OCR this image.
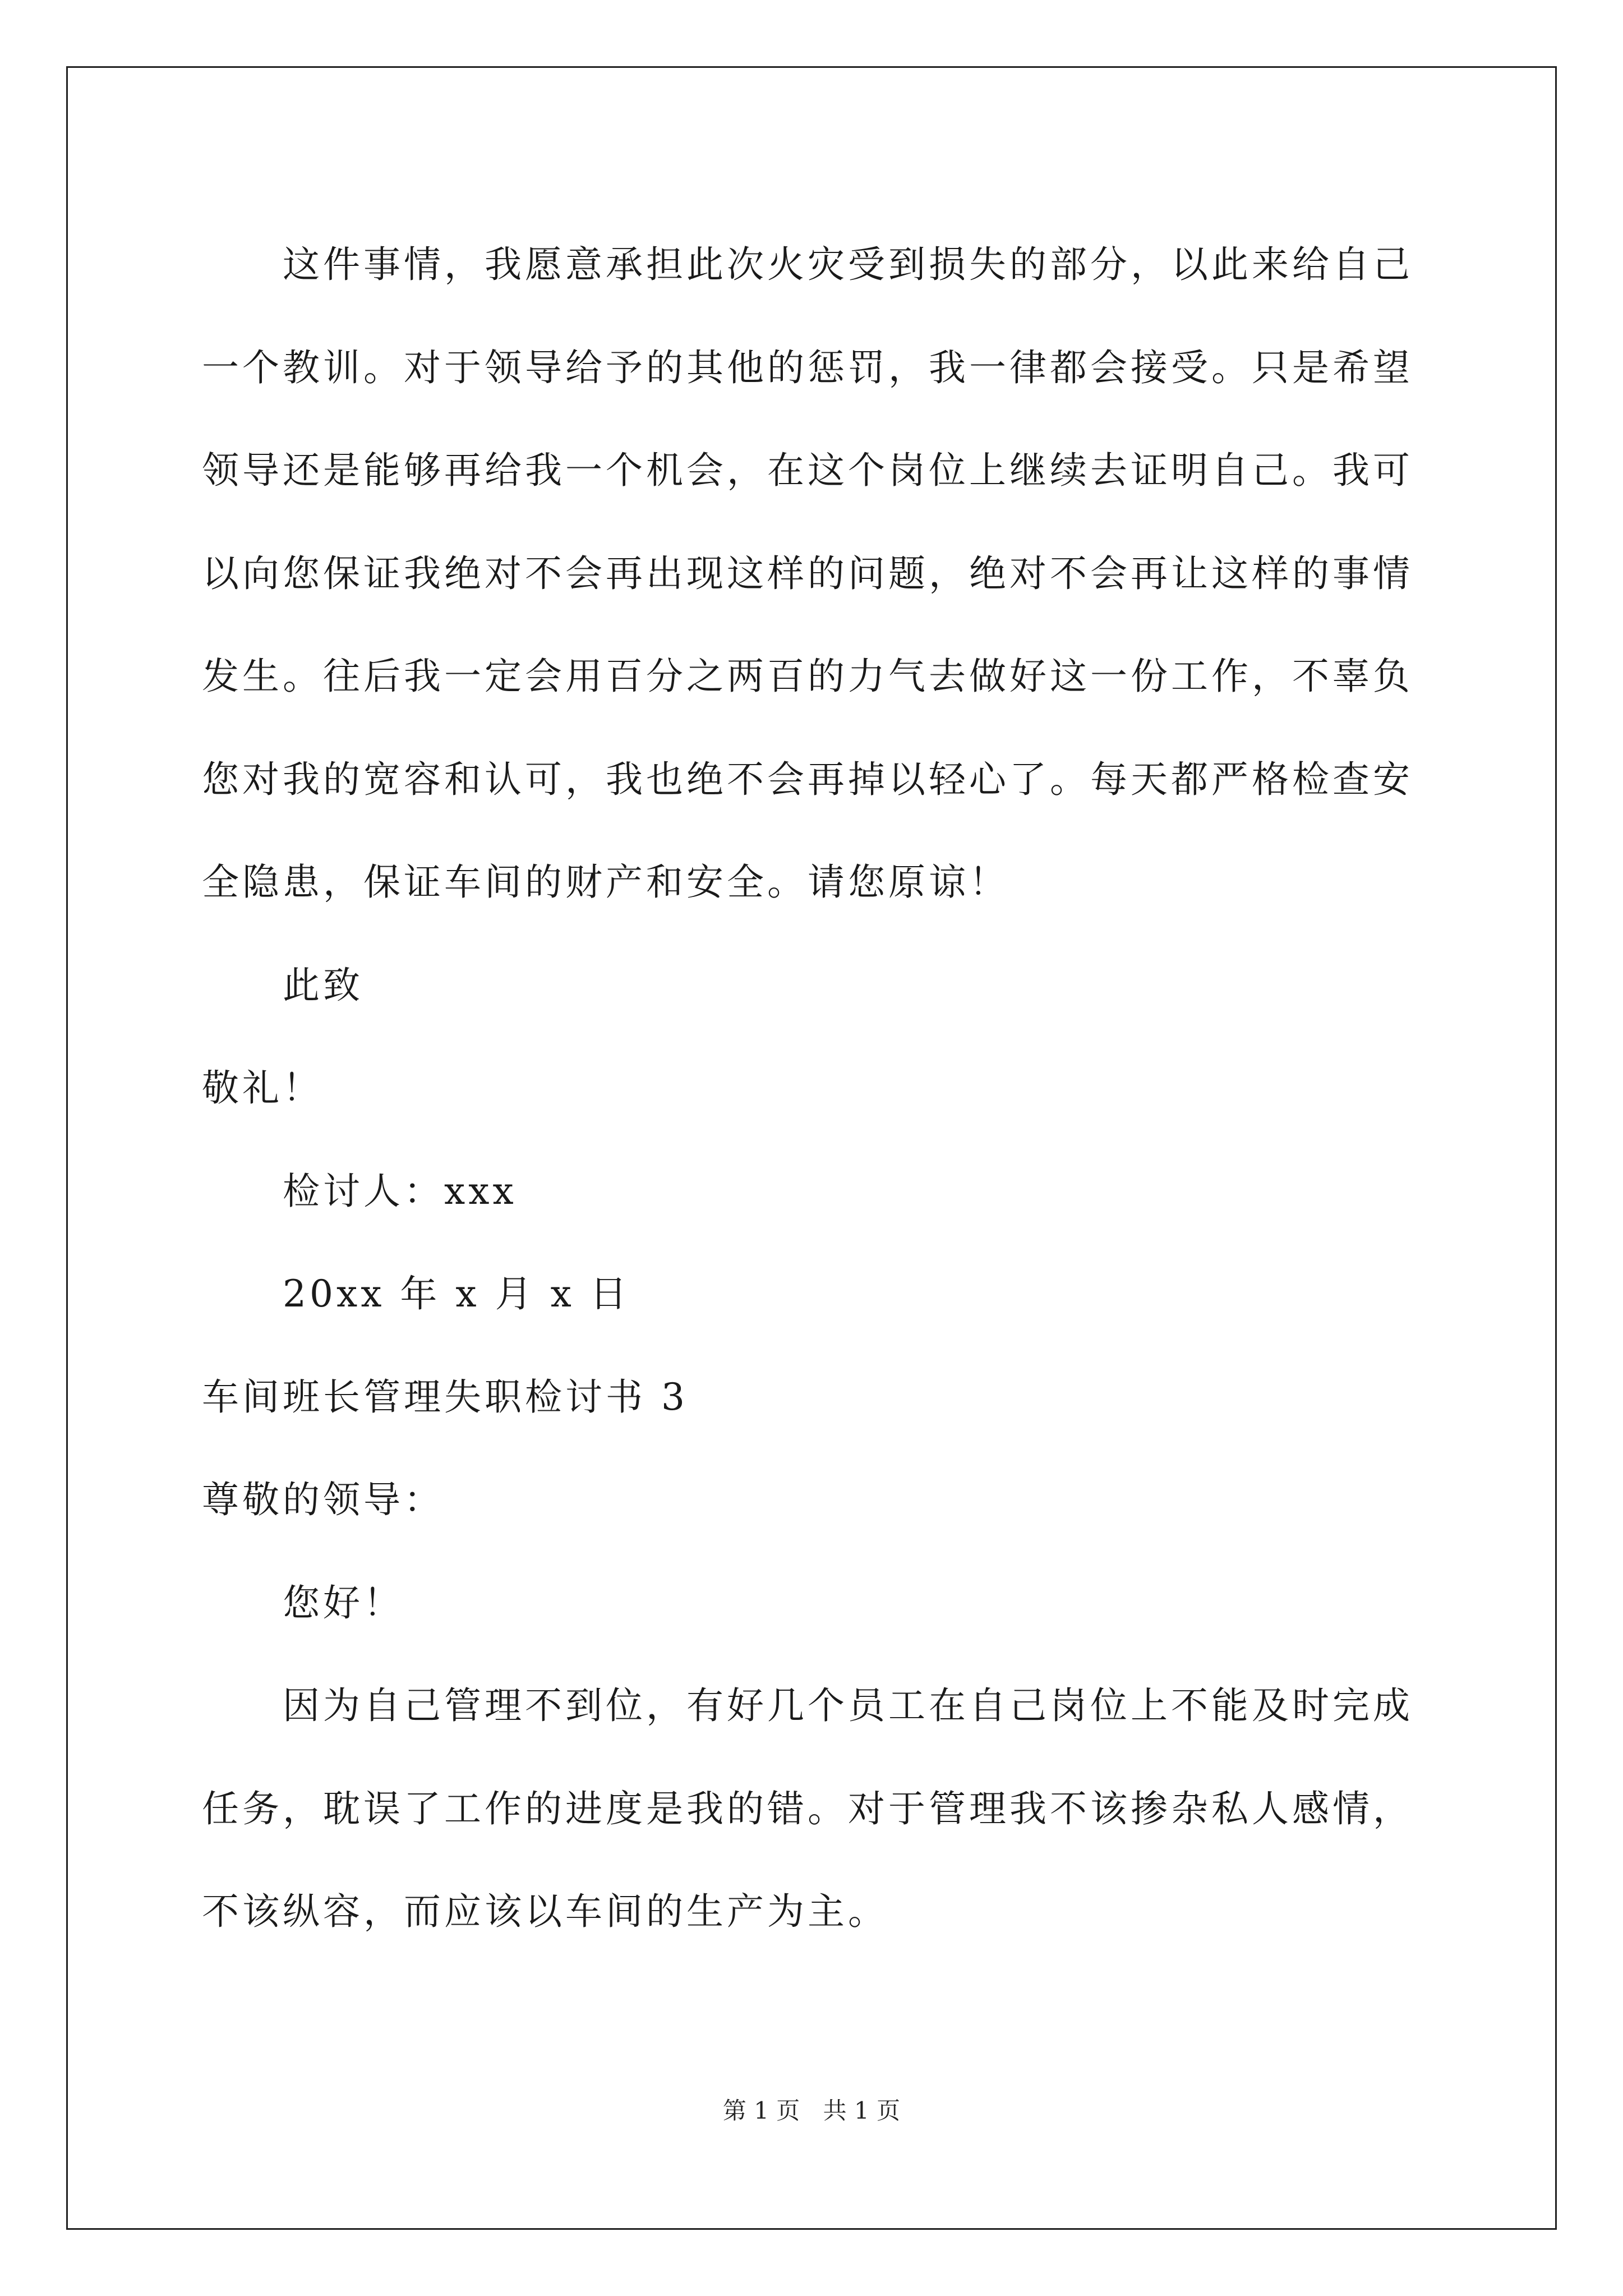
这件事情，我愿意承担此次火灾受到损失的部分，以此来给自己
一个教训。对于领导给予的其他的惩罚，我一律都会接受。只是希望
领导还是能够再给我一个机会，在这个岗位上继续去证明自己。我可
以向您保证我绝对不会再出现这样的问题，绝对不会再让这样的事情
发生。往后我一定会用百分之两百的力气去做好这一份工作，不辜负
您对我的宽容和认可，我也绝不会再掉以轻心了。每天都严格检查安
全隐患，保证车间的财产和安全。请您原谅！
此致
敬礼！
检讨人：xxx
20xx 年 x 月 x 日
车间班长管理失职检讨书 3
尊敬的领导：
您好！
因为自己管理不到位，有好几个员工在自己岗位上不能及时完成
任务，耽误了工作的进度是我的错。对于管理我不该掺杂私人感情，
不该纵容，而应该以车间的生产为主。
第 1 页 共 1 页
